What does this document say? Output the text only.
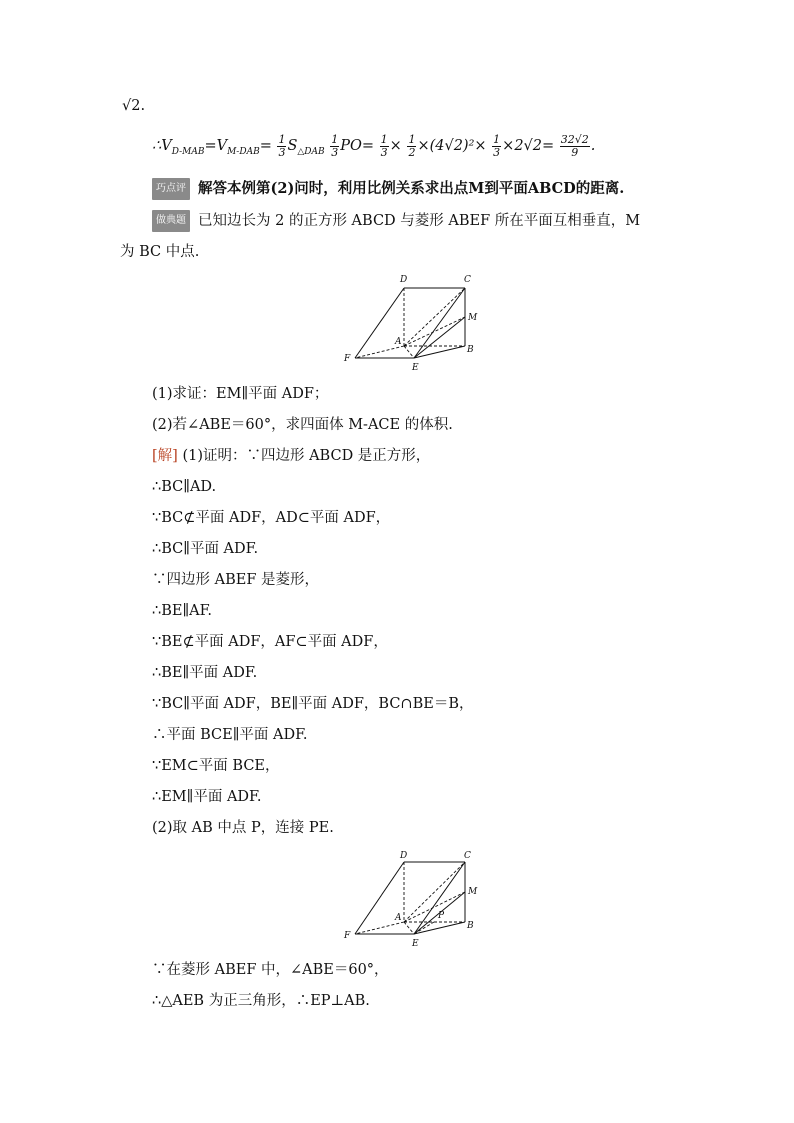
√2.
$\therefore V_{D-MAB}=V_{M-DAB}= \frac{1}{3} S_{\triangle DAB} \frac{1}{3} PO= \frac{1}{3} \times \frac{1}{2} \times(4√2)^2\times \frac{1}{3} \times 2√2= \frac{32√2}{9}$ .
巧点评 解答本例第(2)问时，利用比例关系求出点M到平面ABCD的距离.
做典题 已知边长为 2 的正方形 ABCD 与菱形 ABEF 所在平面互相垂直，M
为 BC 中点.
D	C
M
A
B
F
E
(1)求证：EM∥平面 ADF；
(2)若∠ABE＝60°，求四面体 M-ACE 的体积.
[解] (1)证明：∵四边形 ABCD 是正方形，
∴BC∥AD.
∵BC⊄平面 ADF，AD⊂平面 ADF，
∴BC∥平面 ADF.
∵四边形 ABEF 是菱形，
∴BE∥AF.
∵BE⊄平面 ADF，AF⊂平面 ADF，
∴BE∥平面 ADF.
∵BC∥平面 ADF，BE∥平面 ADF，BC∩BE＝B，
∴平面 BCE∥平面 ADF.
∵EM⊂平面 BCE，
∴EM∥平面 ADF.
(2)取 AB 中点 P，连接 PE.
D	C
M
A	P
B
F
E
∵在菱形 ABEF 中，∠ABE＝60°，
∴△AEB 为正三角形，∴EP⊥AB.
